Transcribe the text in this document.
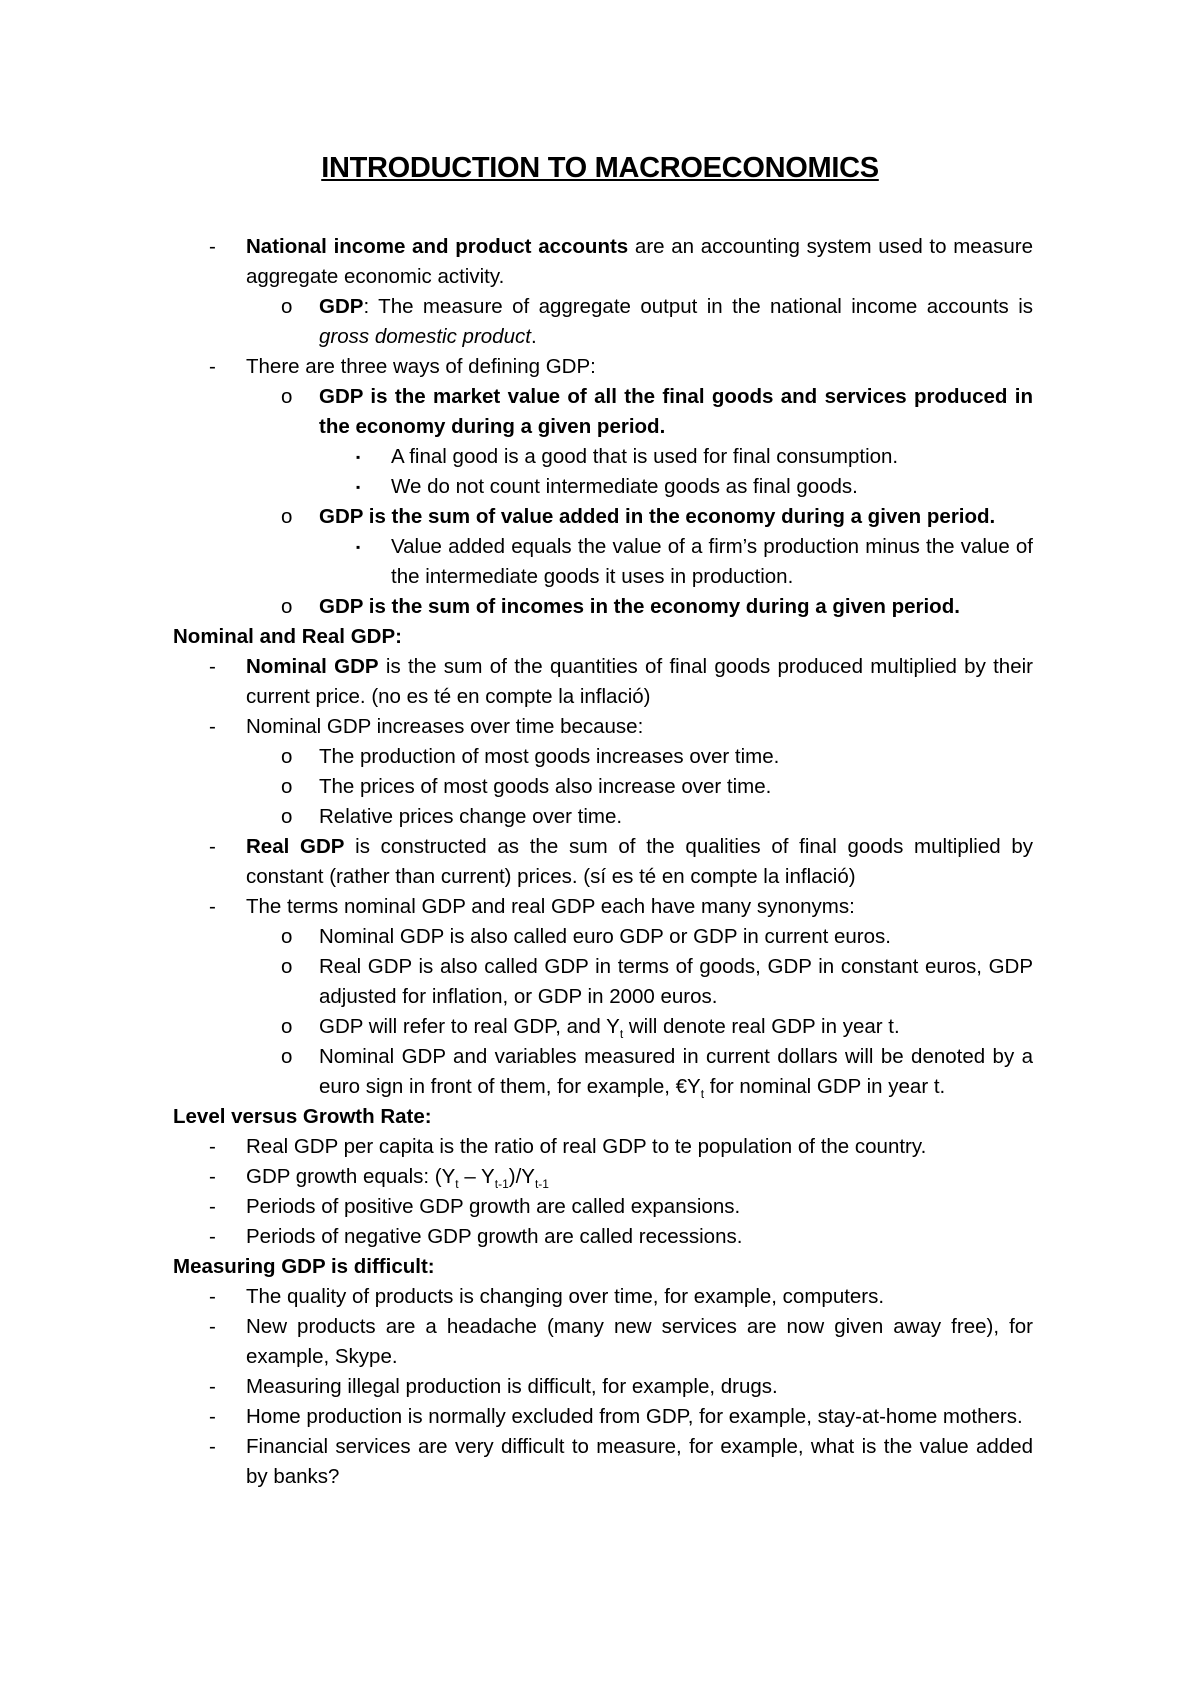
INTRODUCTION TO MACROECONOMICS
-	National income and product accounts are an accounting system used to measure aggregate economic activity.
o	GDP: The measure of aggregate output in the national income accounts is gross domestic product.
-	There are three ways of defining GDP:
o	GDP is the market value of all the final goods and services produced in the economy during a given period.
▪	A final good is a good that is used for final consumption.
▪	We do not count intermediate goods as final goods.
o	GDP is the sum of value added in the economy during a given period.
▪	Value added equals the value of a firm’s production minus the value of the intermediate goods it uses in production.
o	GDP is the sum of incomes in the economy during a given period.
Nominal and Real GDP:
-	Nominal GDP is the sum of the quantities of final goods produced multiplied by their current price. (no es té en compte la inflació)
-	Nominal GDP increases over time because:
o	The production of most goods increases over time.
o	The prices of most goods also increase over time.
o	Relative prices change over time.
-	Real GDP is constructed as the sum of the qualities of final goods multiplied by constant (rather than current) prices. (sí es té en compte la inflació)
-	The terms nominal GDP and real GDP each have many synonyms:
o	Nominal GDP is also called euro GDP or GDP in current euros.
o	Real GDP is also called GDP in terms of goods, GDP in constant euros, GDP adjusted for inflation, or GDP in 2000 euros.
o	GDP will refer to real GDP, and $Y_t$ will denote real GDP in year t.
o	Nominal GDP and variables measured in current dollars will be denoted by a euro sign in front of them, for example, $€Y_t$ for nominal GDP in year t.
Level versus Growth Rate:
-	Real GDP per capita is the ratio of real GDP to te population of the country.
-	GDP growth equals: $(Y_t - Y_{t-1})/Y_{t-1}$
-	Periods of positive GDP growth are called expansions.
-	Periods of negative GDP growth are called recessions.
Measuring GDP is difficult:
-	The quality of products is changing over time, for example, computers.
-	New products are a headache (many new services are now given away free), for example, Skype.
-	Measuring illegal production is difficult, for example, drugs.
-	Home production is normally excluded from GDP, for example, stay-at-home mothers.
-	Financial services are very difficult to measure, for example, what is the value added by banks?
